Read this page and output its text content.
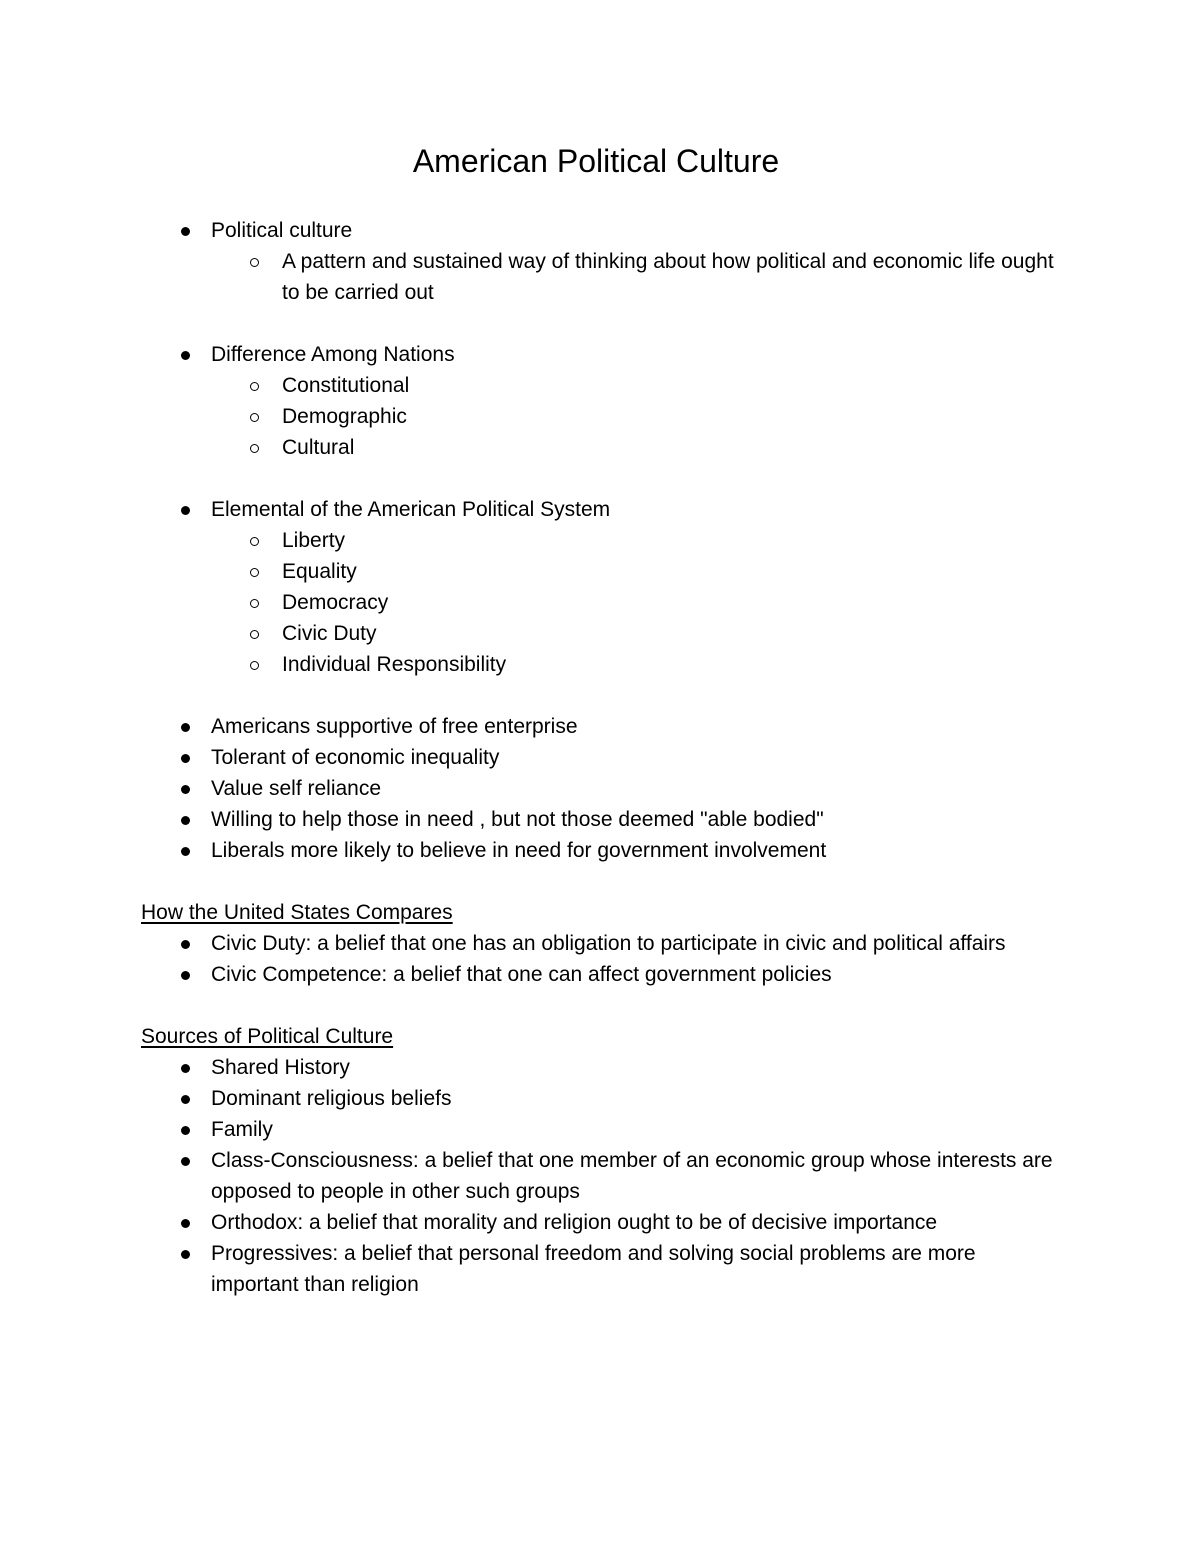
American Political Culture
Political culture
A pattern and sustained way of thinking about how political and economic life ought to be carried out
Difference Among Nations
Constitutional
Demographic
Cultural
Elemental of the American Political System
Liberty
Equality
Democracy
Civic Duty
Individual Responsibility
Americans supportive of free enterprise
Tolerant of economic inequality
Value self reliance
Willing to help those in need , but not those deemed "able bodied"
Liberals more likely to believe in need for government involvement
How the United States Compares
Civic Duty: a belief that one has an obligation to participate in civic and political affairs
Civic Competence: a belief that one can affect government policies
Sources of Political Culture
Shared History
Dominant religious beliefs
Family
Class-Consciousness: a belief that one member of an economic group whose interests are opposed to people in other such groups
Orthodox: a belief that morality and religion ought to be of decisive importance
Progressives: a belief that personal freedom and solving social problems are more important than religion
